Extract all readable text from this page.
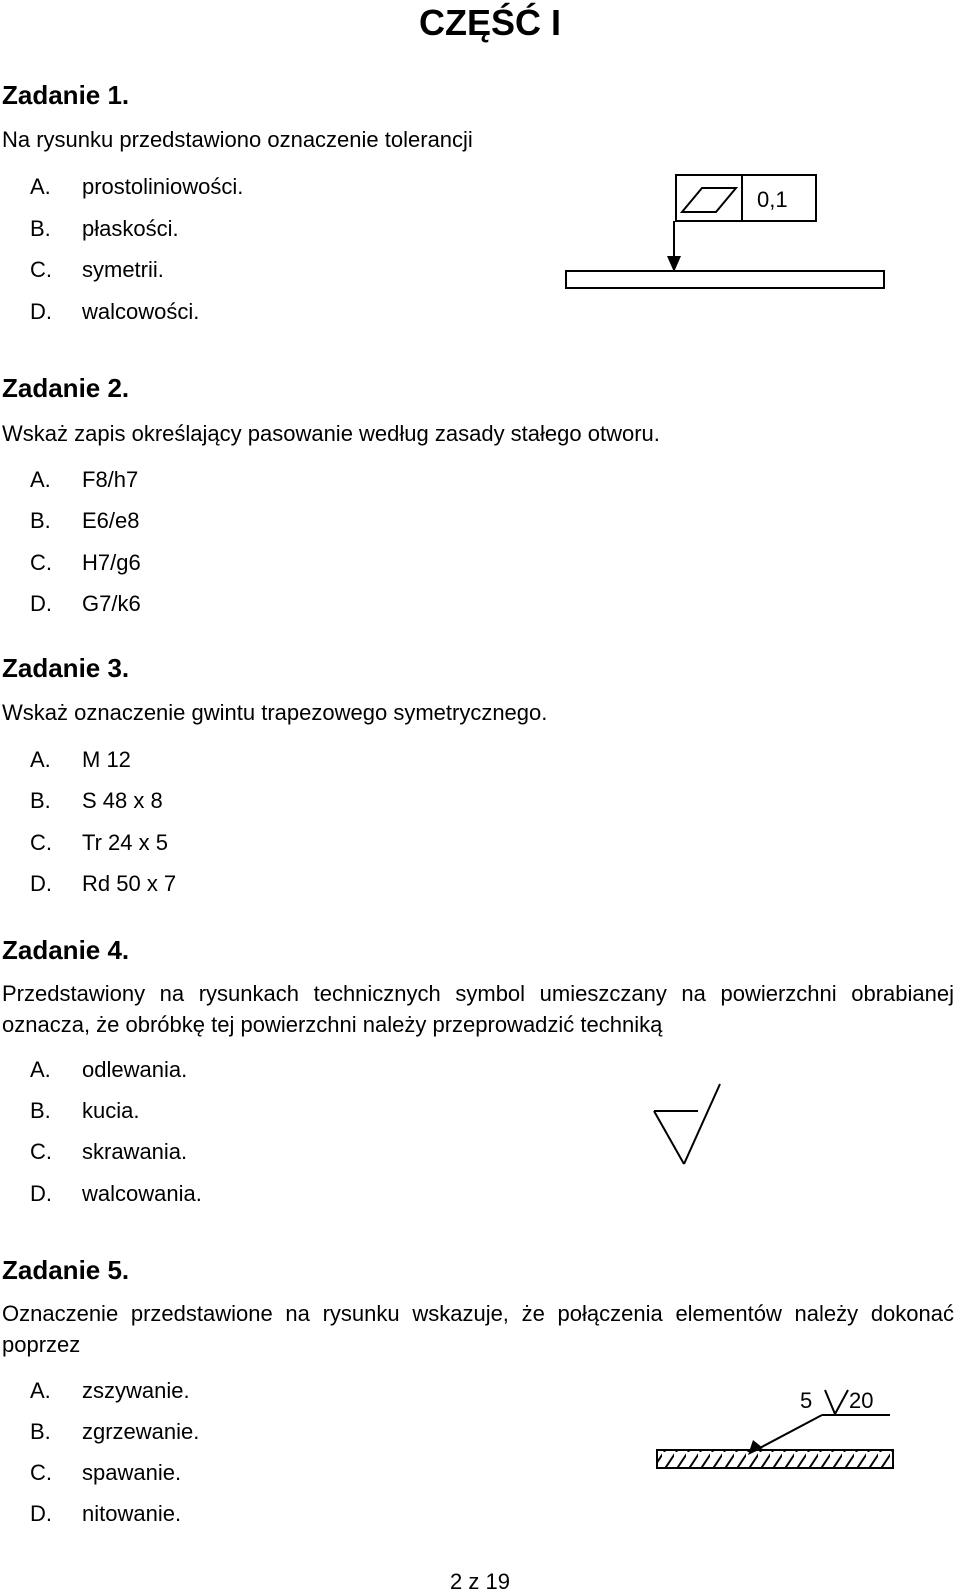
CZĘŚĆ I
Zadanie 1.
Na rysunku przedstawiono oznaczenie tolerancji
A. prostoliniowości.
B. płaskości.
C. symetrii.
D. walcowości.
0,1
Zadanie 2.
Wskaż zapis określający pasowanie według zasady stałego otworu.
A. F8/h7
B. E6/e8
C. H7/g6
D. G7/k6
Zadanie 3.
Wskaż oznaczenie gwintu trapezowego symetrycznego.
A. M 12
B. S 48 x 8
C. Tr 24 x 5
D. Rd 50 x 7
Zadanie 4.
Przedstawiony na rysunkach technicznych symbol umieszczany na powierzchni obrabianej oznacza, że obróbkę tej powierzchni należy przeprowadzić techniką
A. odlewania.
B. kucia.
C. skrawania.
D. walcowania.
Zadanie 5.
Oznaczenie przedstawione na rysunku wskazuje, że połączenia elementów należy dokonać poprzez
A. zszywanie.
B. zgrzewanie.
C. spawanie.
D. nitowanie.
5 20
2 z 19
